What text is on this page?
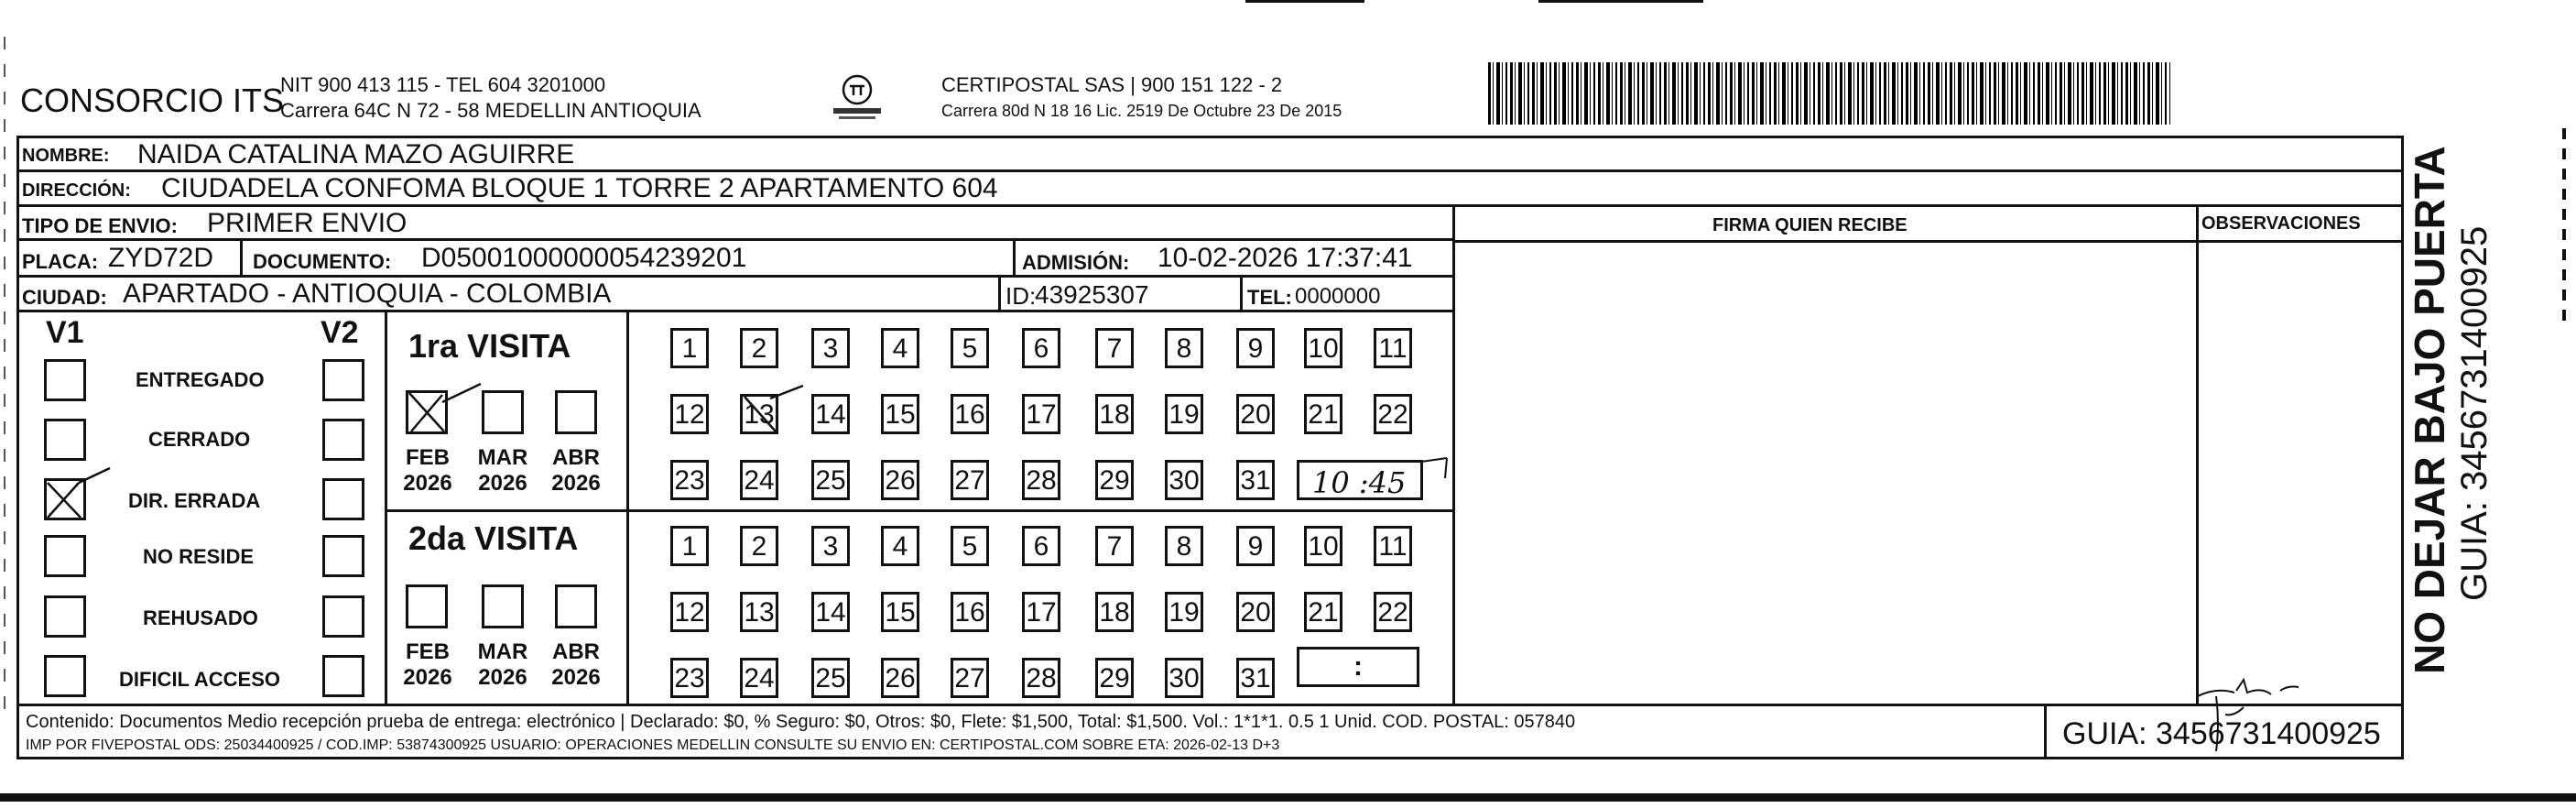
CONSORCIO ITS
NIT 900 413 115 - TEL 604 3201000
Carrera 64C N 72 - 58 MEDELLIN ANTIOQUIA
CERTIPOSTAL SAS | 900 151 122 - 2
Carrera 80d N 18 16 Lic. 2519 De Octubre 23 De 2015
NOMBRE: NAIDA CATALINA MAZO AGUIRRE
DIRECCIÓN: CIUDADELA CONFOMA BLOQUE 1 TORRE 2 APARTAMENTO 604
TIPO DE ENVIO: PRIMER ENVIO	FIRMA QUIEN RECIBE	OBSERVACIONES
PLACA: ZYD72D DOCUMENTO: D05001000000054239201	ADMISIÓN: 10-02-2026 17:37:41
CIUDAD: APARTADO - ANTIOQUIA - COLOMBIA	ID:
43925307	TEL: 0000000
V1	V2
ENTREGADO
CERRADO
DIR. ERRADA
NO RESIDE
REHUSADO
DIFICIL ACCESO
1ra VISITA
FEB
2026
MAR
2026
ABR
2026
1	2	3	4	5	6	7	8	9	10 11
12 13 14 15 16 17 18 19 20 21 22
23 24 25 26 27 28 29 30 31 10 :45
2da VISITA
FEB
2026
MAR
2026
ABR
2026
1	2	3	4	5	6	7	8	9	10 11
12 13 14 15 16 17 18 19 20 21 22
23 24 25 26 27 28 29 30 31	:
Contenido: Documentos Medio recepción prueba de entrega: electrónico | Declarado: $0, % Seguro: $0, Otros: $0, Flete: $1,500, Total: $1,500. Vol.: 1*1*1. 0.5 1 Unid. COD. POSTAL: 057840
IMP POR FIVEPOSTAL ODS: 25034400925 / COD.IMP: 53874300925 USUARIO: OPERACIONES MEDELLIN CONSULTE SU ENVIO EN: CERTIPOSTAL.COM SOBRE ETA: 2026-02-13 D+3	GUIA: 3456731400925
NO DEJAR BAJO PUERTA GUIA: 3456731400925
